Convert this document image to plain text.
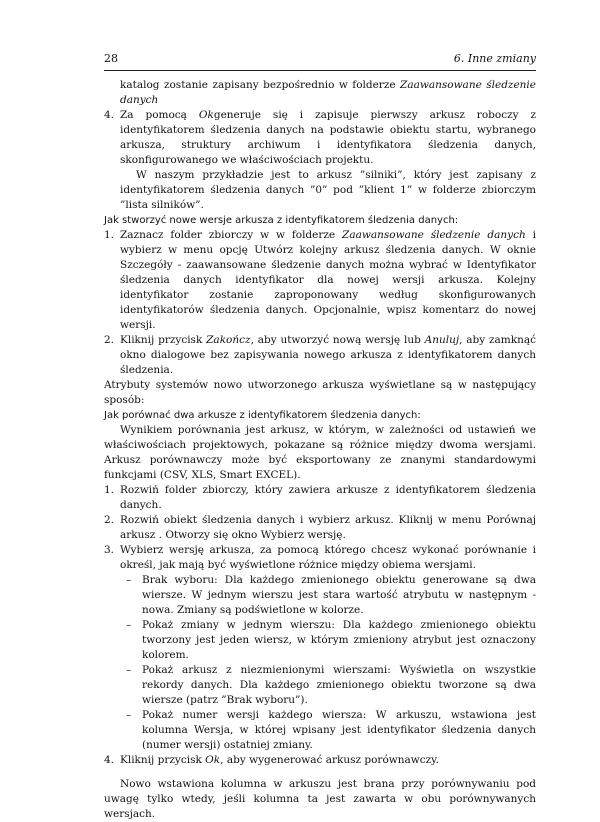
28	6. Inne zmiany

katalog zostanie zapisany bezpośrednio w folderze Zaawansowane śledzenie danych

4. Za pomocą Okgeneruje się i zapisuje pierwszy arkusz roboczy z identyfikatorem śledzenia danych na podstawie obiektu startu, wybranego arkusza, struktury archiwum i identyfikatora śledzenia danych, skonfigurowanego we właściwościach projektu.

W naszym przykładzie jest to arkusz ”silniki”, który jest zapisany z identyfikatorem śledzenia danych ”0” pod ”klient 1” w folderze zbiorczym ”lista silników”.

Jak stworzyć nowe wersje arkusza z identyfikatorem śledzenia danych:

1. Zaznacz folder zbiorczy w w folderze Zaawansowane śledzenie danych i wybierz w menu opcję Utwórz kolejny arkusz śledzenia danych. W oknie Szczegóły - zaawansowane śledzenie danych można wybrać w Identyfikator śledzenia danych identyfikator dla nowej wersji arkusza. Kolejny identyfikator zostanie zaproponowany według skonfigurowanych identyfikatorów śledzenia danych. Opcjonalnie, wpisz komentarz do nowej wersji.

2. Kliknij przycisk Zakończ, aby utworzyć nową wersję lub Anuluj, aby zamknąć okno dialogowe bez zapisywania nowego arkusza z identyfikatorem danych śledzenia.

Atrybuty systemów nowo utworzonego arkusza wyświetlane są w następujący sposób:

Jak porównać dwa arkusze z identyfikatorem śledzenia danych:

Wynikiem porównania jest arkusz, w którym, w zależności od ustawień we właściwościach projektowych, pokazane są różnice między dwoma wersjami. Arkusz porównawczy może być eksportowany ze znanymi standardowymi funkcjami (CSV, XLS, Smart EXCEL).

1. Rozwiń folder zbiorczy, który zawiera arkusze z identyfikatorem śledzenia danych.

2. Rozwiń obiekt śledzenia danych i wybierz arkusz. Kliknij w menu Porównaj arkusz . Otworzy się okno Wybierz wersję.

3. Wybierz wersję arkusza, za pomocą którego chcesz wykonać porównanie i określ, jak mają być wyświetlone różnice między obiema wersjami.

– Brak wyboru: Dla każdego zmienionego obiektu generowane są dwa wiersze. W jednym wierszu jest stara wartość atrybutu w następnym - nowa. Zmiany są podświetlone w kolorze.

– Pokaż zmiany w jednym wierszu: Dla każdego zmienionego obiektu tworzony jest jeden wiersz, w którym zmieniony atrybut jest oznaczony kolorem.

– Pokaż arkusz z niezmienionymi wierszami: Wyświetla on wszystkie rekordy danych. Dla każdego zmienionego obiektu tworzone są dwa wiersze (patrz ”Brak wyboru”).

– Pokaż numer wersji każdego wiersza: W arkuszu, wstawiona jest kolumna Wersja, w której wpisany jest identyfikator śledzenia danych (numer wersji) ostatniej zmiany.

4. Kliknij przycisk Ok, aby wygenerować arkusz porównawczy.

Nowo wstawiona kolumna w arkuszu jest brana przy porównywaniu pod uwagę tylko wtedy, jeśli kolumna ta jest zawarta w obu porównywanych wersjach.
